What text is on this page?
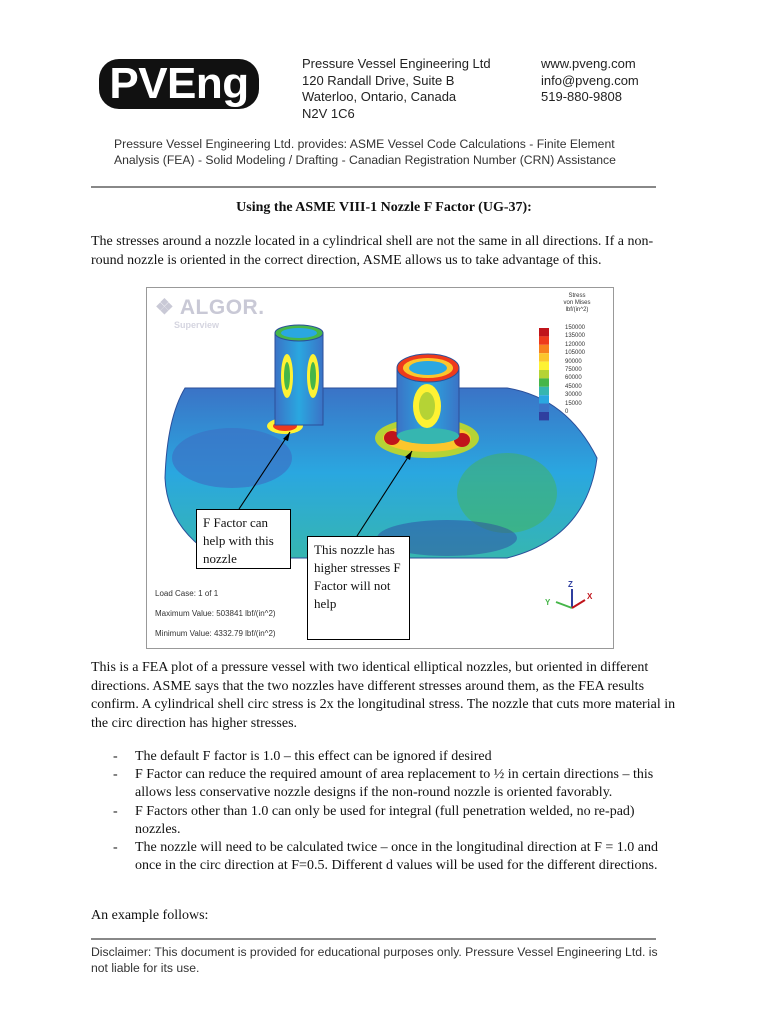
PVEng	Pressure Vessel Engineering Ltd
120 Randall Drive, Suite B
Waterloo, Ontario, Canada
N2V 1C6
www.pveng.com
info@pveng.com
519-880-9808
Pressure Vessel Engineering Ltd. provides: ASME Vessel Code Calculations - Finite Element Analysis (FEA) - Solid Modeling / Drafting - Canadian Registration Number (CRN) Assistance
Using the ASME VIII-1 Nozzle F Factor (UG-37):
The stresses around a nozzle located in a cylindrical shell are not the same in all directions. If a non-round nozzle is oriented in the correct direction, ASME allows us to take advantage of this.
Z
Y
X
❖ ALGOR.
Superview
Stress
von Mises
lbf/(in^2)
150000
135000
120000
105000
90000
75000
60000
45000
30000
15000
0
F Factor can help with this nozzle
This nozzle has higher stresses F Factor will not help
Load Case: 1 of 1
Maximum Value: 503841 lbf/(in^2)
Minimum Value: 4332.79 lbf/(in^2)
This is a FEA plot of a pressure vessel with two identical elliptical nozzles, but oriented in different directions. ASME says that the two nozzles have different stresses around them, as the FEA results confirm. A cylindrical shell circ stress is 2x the longitudinal stress. The nozzle that cuts more material in the circ direction has higher stresses.
- The default F factor is 1.0 – this effect can be ignored if desired
- F Factor can reduce the required amount of area replacement to ½ in certain directions – this allows less conservative nozzle designs if the non-round nozzle is oriented favorably.
- F Factors other than 1.0 can only be used for integral (full penetration welded, no re-pad) nozzles.
- The nozzle will need to be calculated twice – once in the longitudinal direction at F = 1.0 and once in the circ direction at F=0.5. Different d values will be used for the different directions.
An example follows:
Disclaimer: This document is provided for educational purposes only. Pressure Vessel Engineering Ltd. is not liable for its use.
